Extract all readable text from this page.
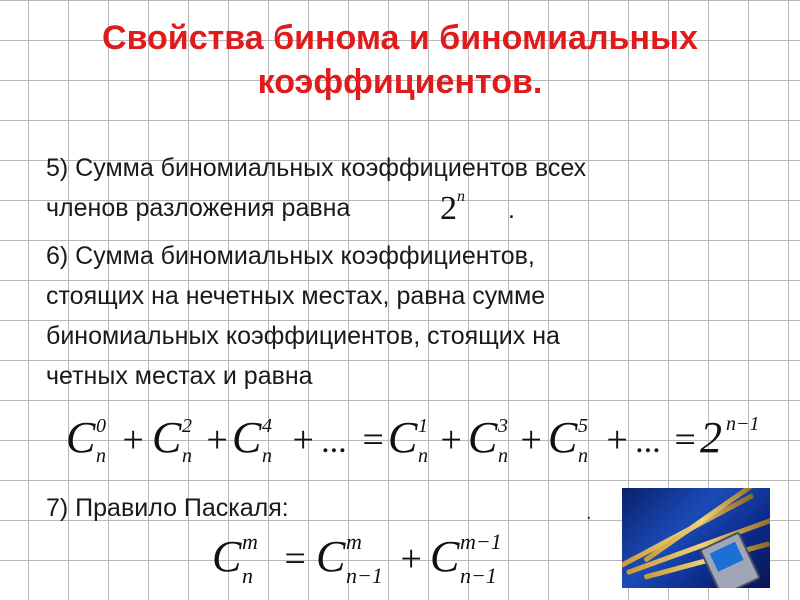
Свойства бинома и биномиальных
коэффициентов.
5) Сумма биномиальных коэффициентов всех
членов разложения равна	2$^n$ .
6) Сумма биномиальных коэффициентов,
стоящих на нечетных местах, равна сумме
биномиальных коэффициентов, стоящих на
четных местах и равна
C 0
n + C 2
n + C 4
n + ... = C 1
n + C 3
n + C 5
n + ... = 2 n−1
7) Правило Паскаля:	.
C m
n = C m
n−1 + C m−1
n−1
